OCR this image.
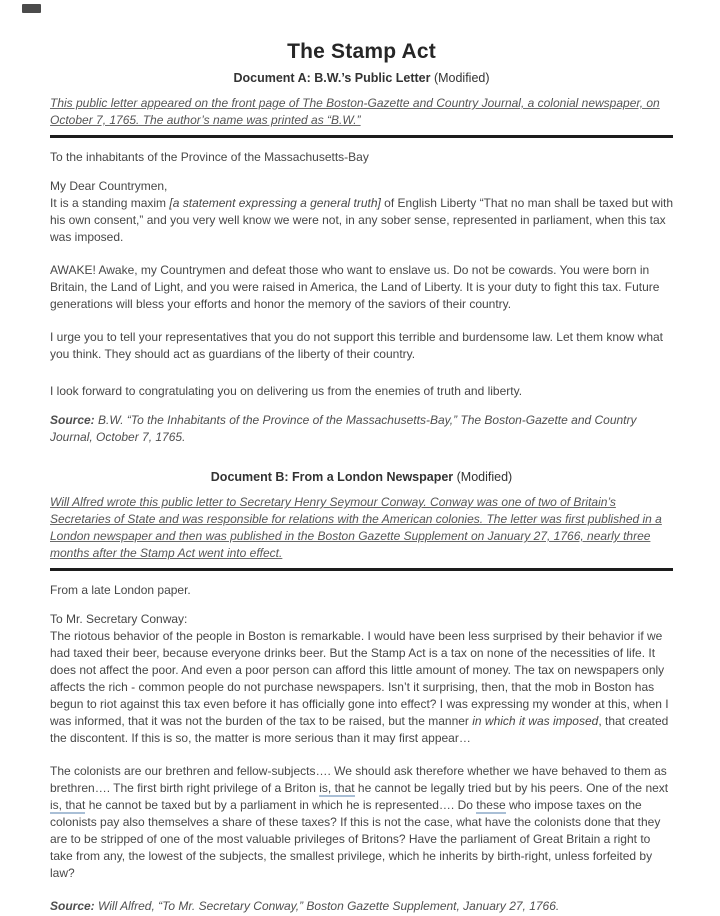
The Stamp Act
Document A: B.W.’s Public Letter (Modified)
This public letter appeared on the front page of The Boston-Gazette and Country Journal, a colonial newspaper, on October 7, 1765. The author’s name was printed as “B.W.”

To the inhabitants of the Province of the Massachusetts-Bay

My Dear Countrymen,
It is a standing maxim [a statement expressing a general truth] of English Liberty “That no man shall be taxed but with his own consent,” and you very well know we were not, in any sober sense, represented in parliament, when this tax was imposed.

AWAKE! Awake, my Countrymen and defeat those who want to enslave us. Do not be cowards. You were born in Britain, the Land of Light, and you were raised in America, the Land of Liberty. It is your duty to fight this tax. Future generations will bless your efforts and honor the memory of the saviors of their country.

I urge you to tell your representatives that you do not support this terrible and burdensome law. Let them know what you think. They should act as guardians of the liberty of their country.

I look forward to congratulating you on delivering us from the enemies of truth and liberty.

Source: B.W. “To the Inhabitants of the Province of the Massachusetts-Bay,” The Boston-Gazette and Country Journal, October 7, 1765.

Document B: From a London Newspaper (Modified)
Will Alfred wrote this public letter to Secretary Henry Seymour Conway. Conway was one of two of Britain’s Secretaries of State and was responsible for relations with the American colonies. The letter was first published in a London newspaper and then was published in the Boston Gazette Supplement on January 27, 1766, nearly three months after the Stamp Act went into effect.

From a late London paper.

To Mr. Secretary Conway:
The riotous behavior of the people in Boston is remarkable. I would have been less surprised by their behavior if we had taxed their beer, because everyone drinks beer. But the Stamp Act is a tax on none of the necessities of life. It does not affect the poor. And even a poor person can afford this little amount of money. The tax on newspapers only affects the rich - common people do not purchase newspapers. Isn’t it surprising, then, that the mob in Boston has begun to riot against this tax even before it has officially gone into effect? I was expressing my wonder at this, when I was informed, that it was not the burden of the tax to be raised, but the manner in which it was imposed, that created the discontent. If this is so, the matter is more serious than it may first appear…

The colonists are our brethren and fellow-subjects…. We should ask therefore whether we have behaved to them as brethren…. The first birth right privilege of a Briton is, that he cannot be legally tried but by his peers. One of the next is, that he cannot be taxed but by a parliament in which he is represented…. Do these who impose taxes on the colonists pay also themselves a share of these taxes? If this is not the case, what have the colonists done that they are to be stripped of one of the most valuable privileges of Britons? Have the parliament of Great Britain a right to take from any, the lowest of the subjects, the smallest privilege, which he inherits by birth-right, unless forfeited by law?

Source: Will Alfred, “To Mr. Secretary Conway,” Boston Gazette Supplement, January 27, 1766.
